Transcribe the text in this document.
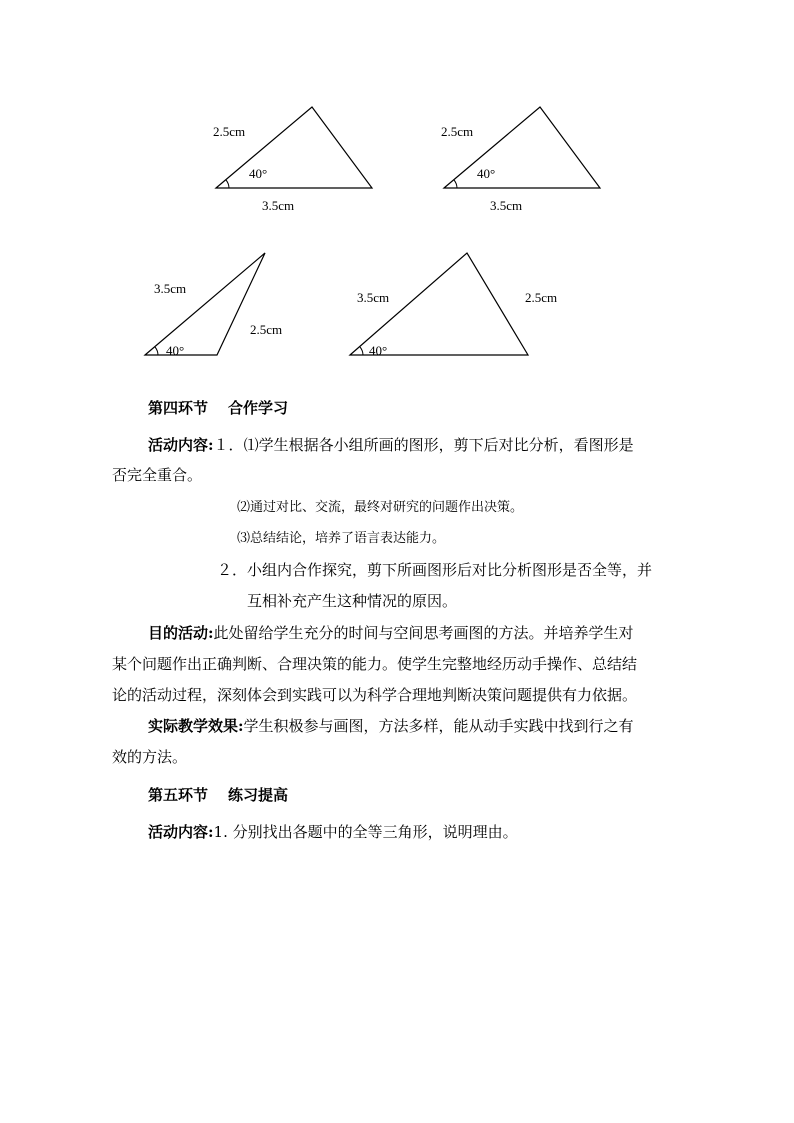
2.5cm
40°
3.5cm
2.5cm
40°
3.5cm
3.5cm
2.5cm
40°
3.5cm	2.5cm
40°
第四环节 合作学习
活动内容:１．⑴学生根据各小组所画的图形，剪下后对比分析，看图形是
否完全重合。
⑵通过对比、交流，最终对研究的问题作出决策。
⑶总结结论，培养了语言表达能力。
２．小组内合作探究，剪下所画图形后对比分析图形是否全等，并
互相补充产生这种情况的原因。
目的活动:此处留给学生充分的时间与空间思考画图的方法。并培养学生对
某个问题作出正确判断、合理决策的能力。使学生完整地经历动手操作、总结结
论的活动过程，深刻体会到实践可以为科学合理地判断决策问题提供有力依据。
实际教学效果:学生积极参与画图，方法多样，能从动手实践中找到行之有
效的方法。
第五环节 练习提高
活动内容:1. 分别找出各题中的全等三角形，说明理由。
